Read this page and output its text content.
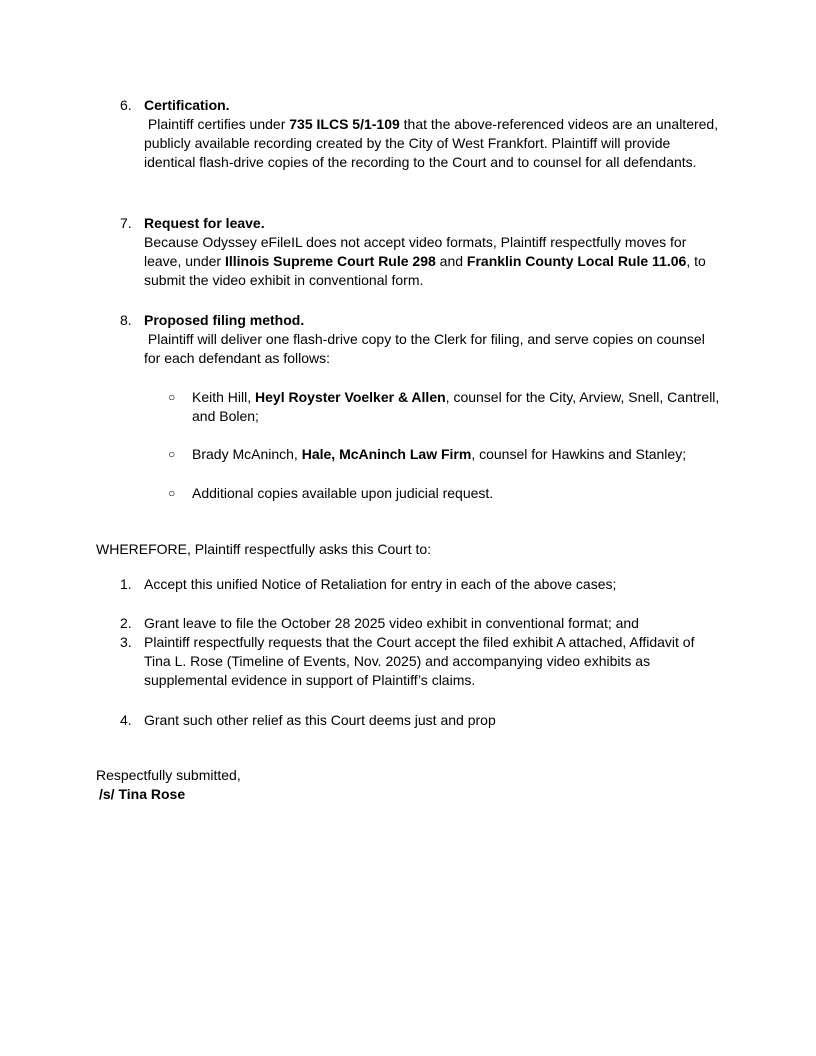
6. Certification.
Plaintiff certifies under 735 ILCS 5/1-109 that the above-referenced videos are an unaltered, publicly available recording created by the City of West Frankfort. Plaintiff will provide identical flash-drive copies of the recording to the Court and to counsel for all defendants.
7. Request for leave.
Because Odyssey eFileIL does not accept video formats, Plaintiff respectfully moves for leave, under Illinois Supreme Court Rule 298 and Franklin County Local Rule 11.06, to submit the video exhibit in conventional form.
8. Proposed filing method.
Plaintiff will deliver one flash-drive copy to the Clerk for filing, and serve copies on counsel for each defendant as follows:
○ Keith Hill, Heyl Royster Voelker & Allen, counsel for the City, Arview, Snell, Cantrell, and Bolen;
○ Brady McAninch, Hale, McAninch Law Firm, counsel for Hawkins and Stanley;
○ Additional copies available upon judicial request.
WHEREFORE, Plaintiff respectfully asks this Court to:
1. Accept this unified Notice of Retaliation for entry in each of the above cases;
2. Grant leave to file the October 28 2025 video exhibit in conventional format; and
3. Plaintiff respectfully requests that the Court accept the filed exhibit A attached, Affidavit of Tina L. Rose (Timeline of Events, Nov. 2025) and accompanying video exhibits as supplemental evidence in support of Plaintiff’s claims.
4. Grant such other relief as this Court deems just and prop
Respectfully submitted,
/s/ Tina Rose
